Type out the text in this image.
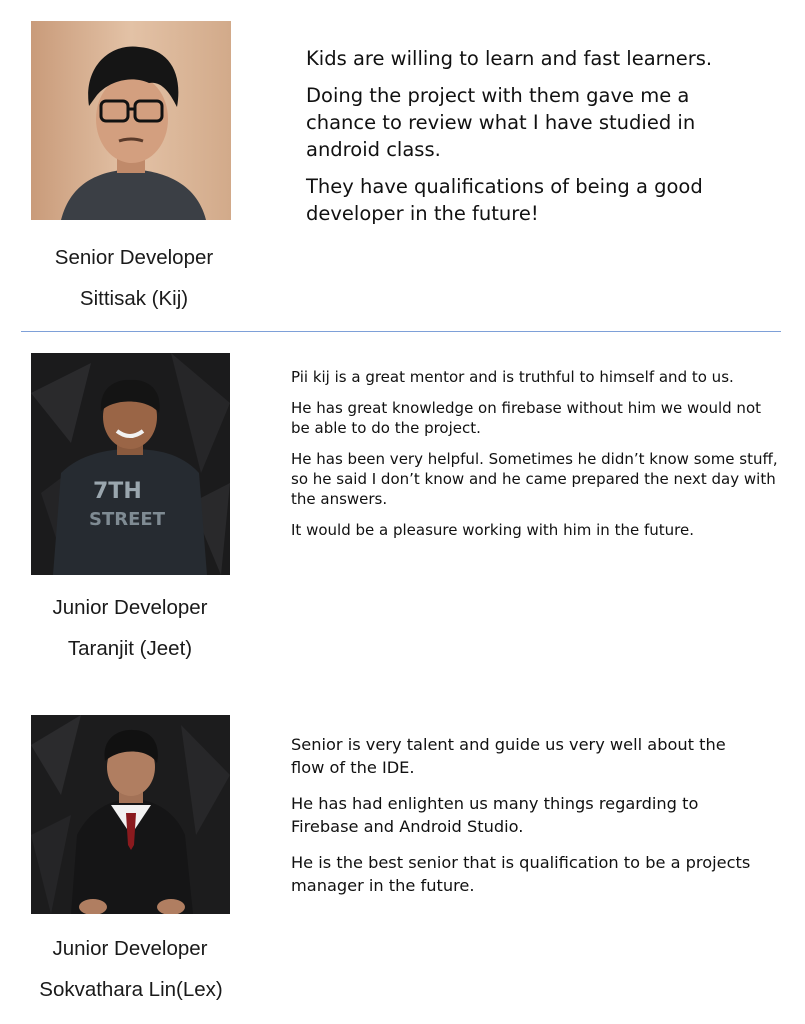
Senior Developer
Sittisak (Kij)

Kids are willing to learn and fast learners.

Doing the project with them gave me a chance to review what I have studied in android class.

They have qualifications of being a good developer in the future!

7TH
STREET
Junior Developer
Taranjit (Jeet)

Pii kij is a great mentor and is truthful to himself and to us.

He has great knowledge on firebase without him we would not be able to do the project.

He has been very helpful. Sometimes he didn’t know some stuff, so he said I don’t know and he came prepared the next day with the answers.

It would be a pleasure working with him in the future.

Junior Developer
Sokvathara Lin(Lex)

Senior is very talent and guide us very well about the flow of the IDE.

He has had enlighten us many things regarding to Firebase and Android Studio.

He is the best senior that is qualification to be a projects manager in the future.
